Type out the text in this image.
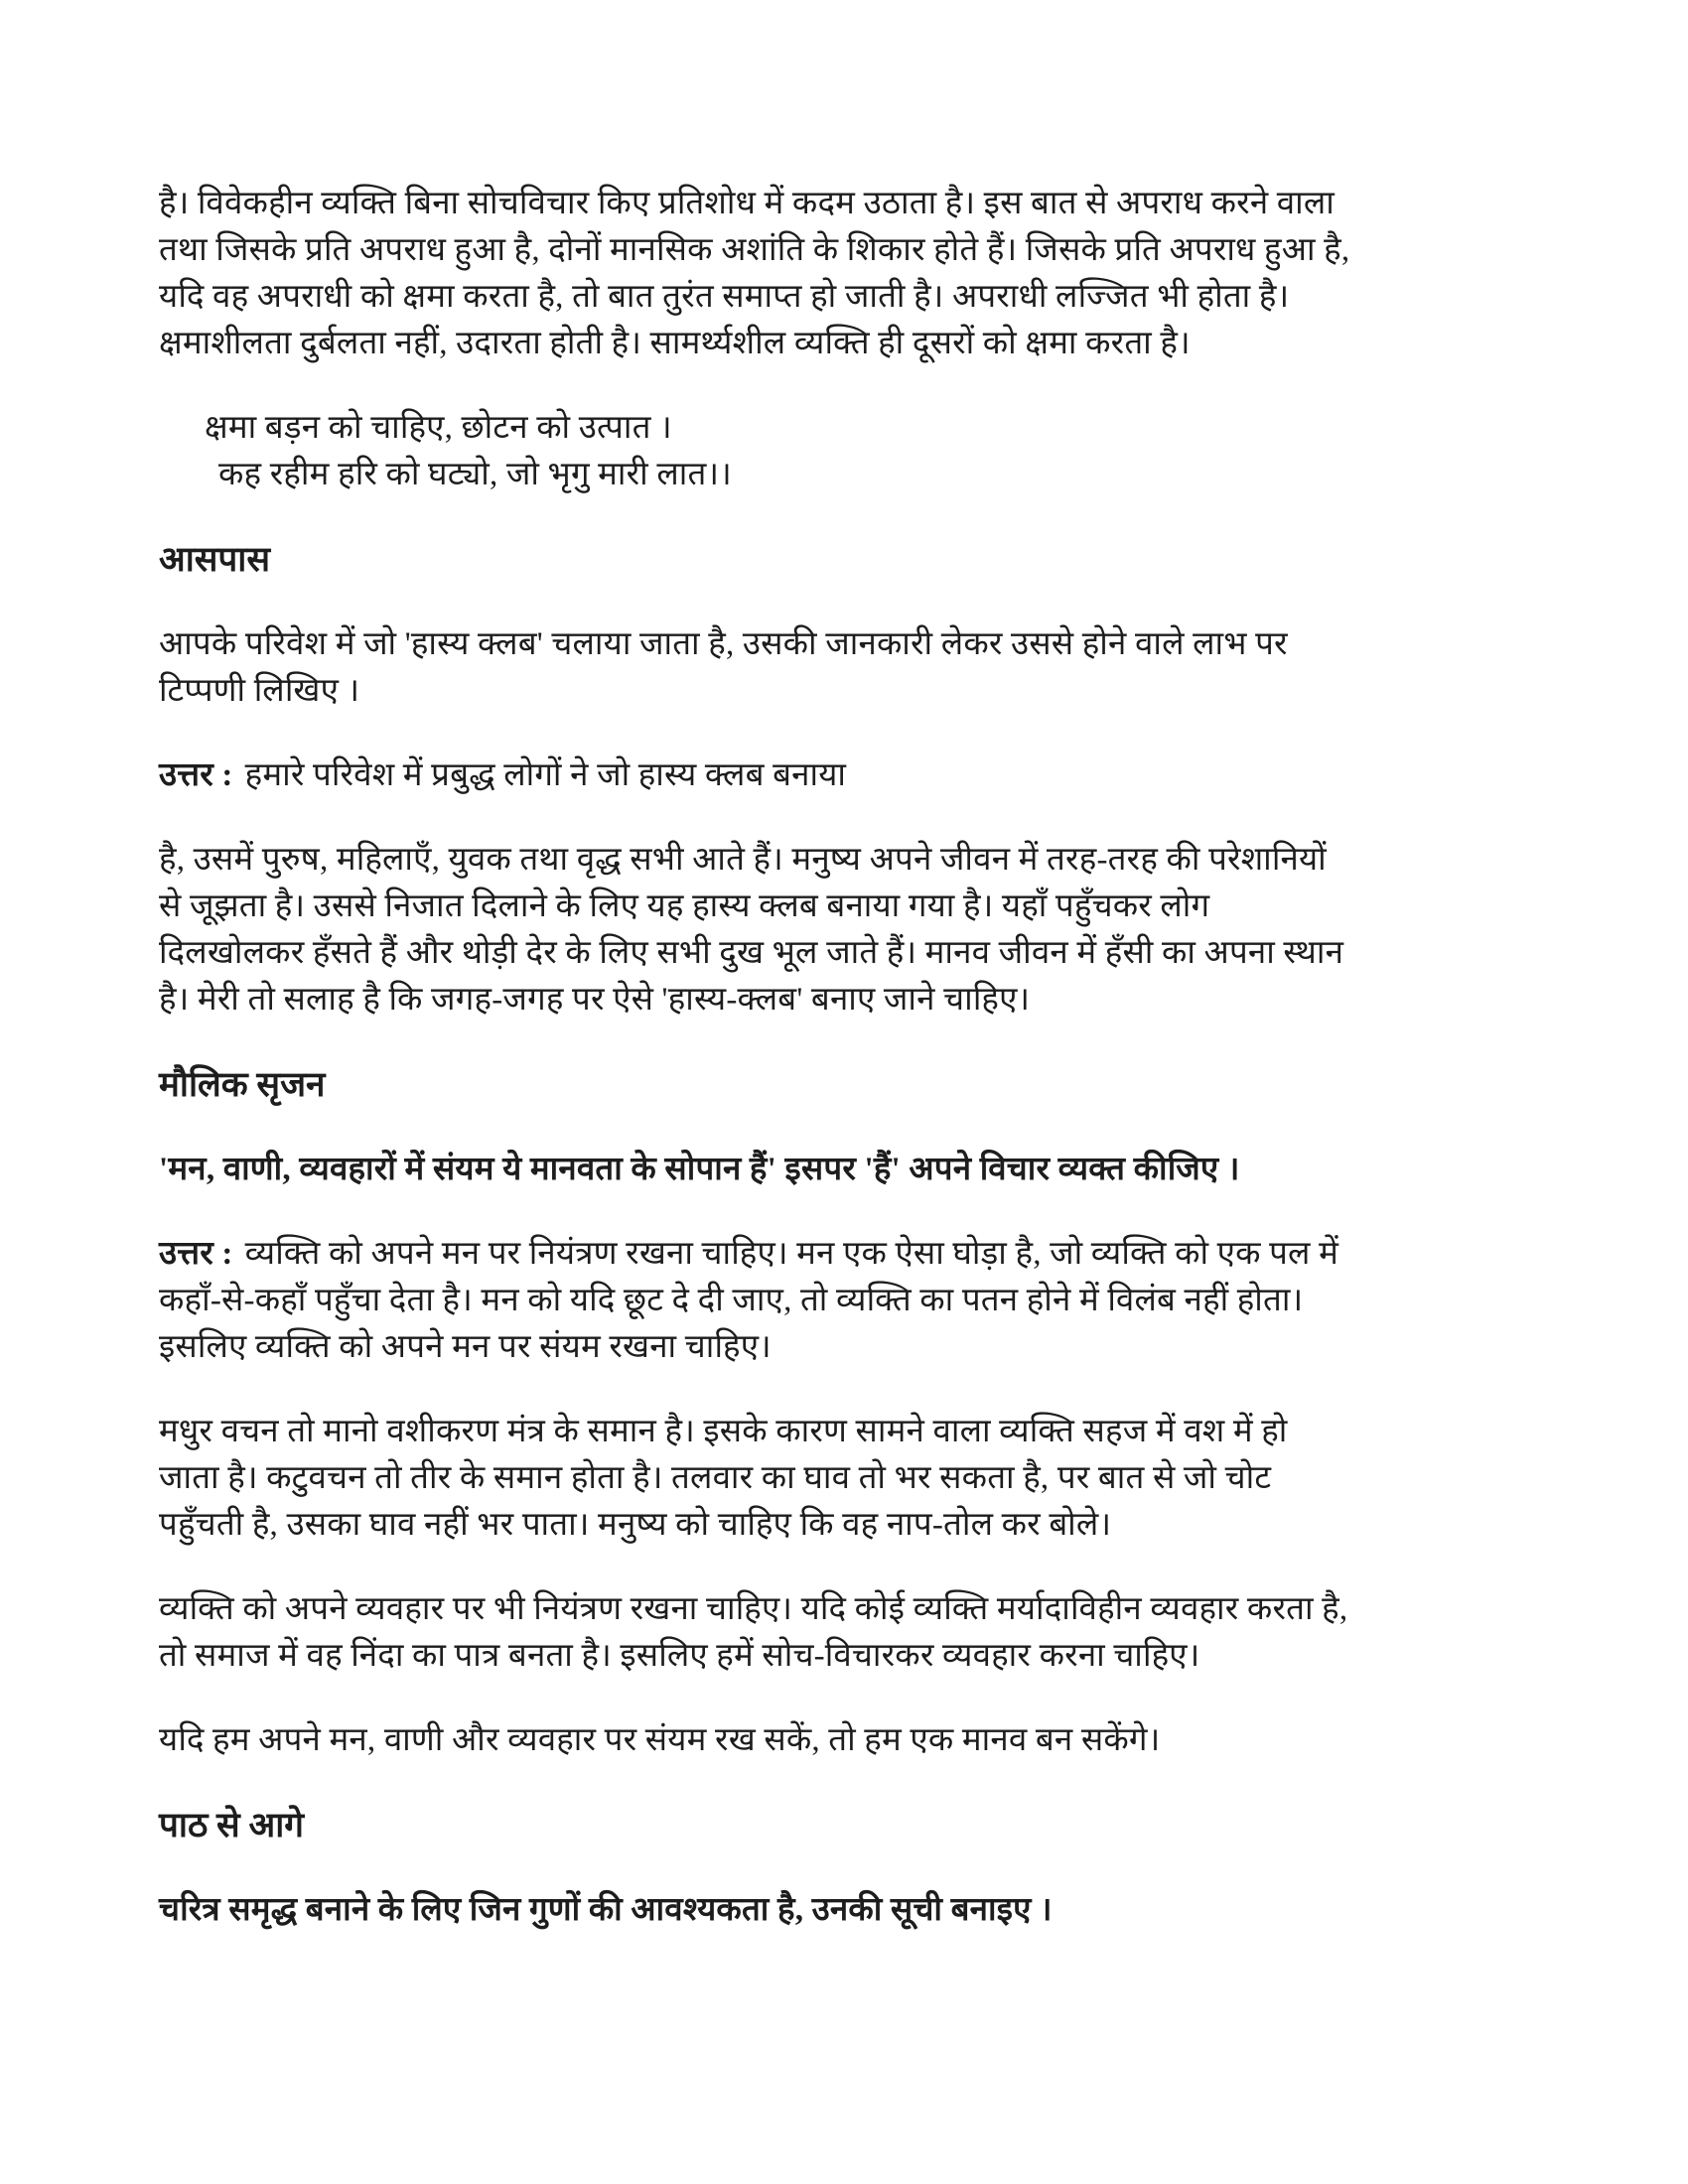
है। विवेकहीन व्यक्ति बिना सोचविचार किए प्रतिशोध में कदम उठाता है। इस बात से अपराध करने वाला
तथा जिसके प्रति अपराध हुआ है, दोनों मानसिक अशांति के शिकार होते हैं। जिसके प्रति अपराध हुआ है,
यदि वह अपराधी को क्षमा करता है, तो बात तुरंत समाप्त हो जाती है। अपराधी लज्जित भी होता है।
क्षमाशीलता दुर्बलता नहीं, उदारता होती है। सामर्थ्यशील व्यक्ति ही दूसरों को क्षमा करता है।
क्षमा बड़न को चाहिए, छोटन को उत्पात ।
कह रहीम हरि को घट्यो, जो भृगु मारी लात।।
आसपास
आपके परिवेश में जो 'हास्य क्लब' चलाया जाता है, उसकी जानकारी लेकर उससे होने वाले लाभ पर
टिप्पणी लिखिए ।
उत्तर : हमारे परिवेश में प्रबुद्ध लोगों ने जो हास्य क्लब बनाया
है, उसमें पुरुष, महिलाएँ, युवक तथा वृद्ध सभी आते हैं। मनुष्य अपने जीवन में तरह-तरह की परेशानियों
से जूझता है। उससे निजात दिलाने के लिए यह हास्य क्लब बनाया गया है। यहाँ पहुँचकर लोग
दिलखोलकर हँसते हैं और थोड़ी देर के लिए सभी दुख भूल जाते हैं। मानव जीवन में हँसी का अपना स्थान
है। मेरी तो सलाह है कि जगह-जगह पर ऐसे 'हास्य-क्लब' बनाए जाने चाहिए।
मौलिक सृजन
'मन, वाणी, व्यवहारों में संयम ये मानवता के सोपान हैं' इसपर 'हैं' अपने विचार व्यक्त कीजिए ।
उत्तर : व्यक्ति को अपने मन पर नियंत्रण रखना चाहिए। मन एक ऐसा घोड़ा है, जो व्यक्ति को एक पल में
कहाँ-से-कहाँ पहुँचा देता है। मन को यदि छूट दे दी जाए, तो व्यक्ति का पतन होने में विलंब नहीं होता।
इसलिए व्यक्ति को अपने मन पर संयम रखना चाहिए।
मधुर वचन तो मानो वशीकरण मंत्र के समान है। इसके कारण सामने वाला व्यक्ति सहज में वश में हो
जाता है। कटुवचन तो तीर के समान होता है। तलवार का घाव तो भर सकता है, पर बात से जो चोट
पहुँचती है, उसका घाव नहीं भर पाता। मनुष्य को चाहिए कि वह नाप-तोल कर बोले।
व्यक्ति को अपने व्यवहार पर भी नियंत्रण रखना चाहिए। यदि कोई व्यक्ति मर्यादाविहीन व्यवहार करता है,
तो समाज में वह निंदा का पात्र बनता है। इसलिए हमें सोच-विचारकर व्यवहार करना चाहिए।
यदि हम अपने मन, वाणी और व्यवहार पर संयम रख सकें, तो हम एक मानव बन सकेंगे।
पाठ से आगे
चरित्र समृद्ध बनाने के लिए जिन गुणों की आवश्यकता है, उनकी सूची बनाइए ।
